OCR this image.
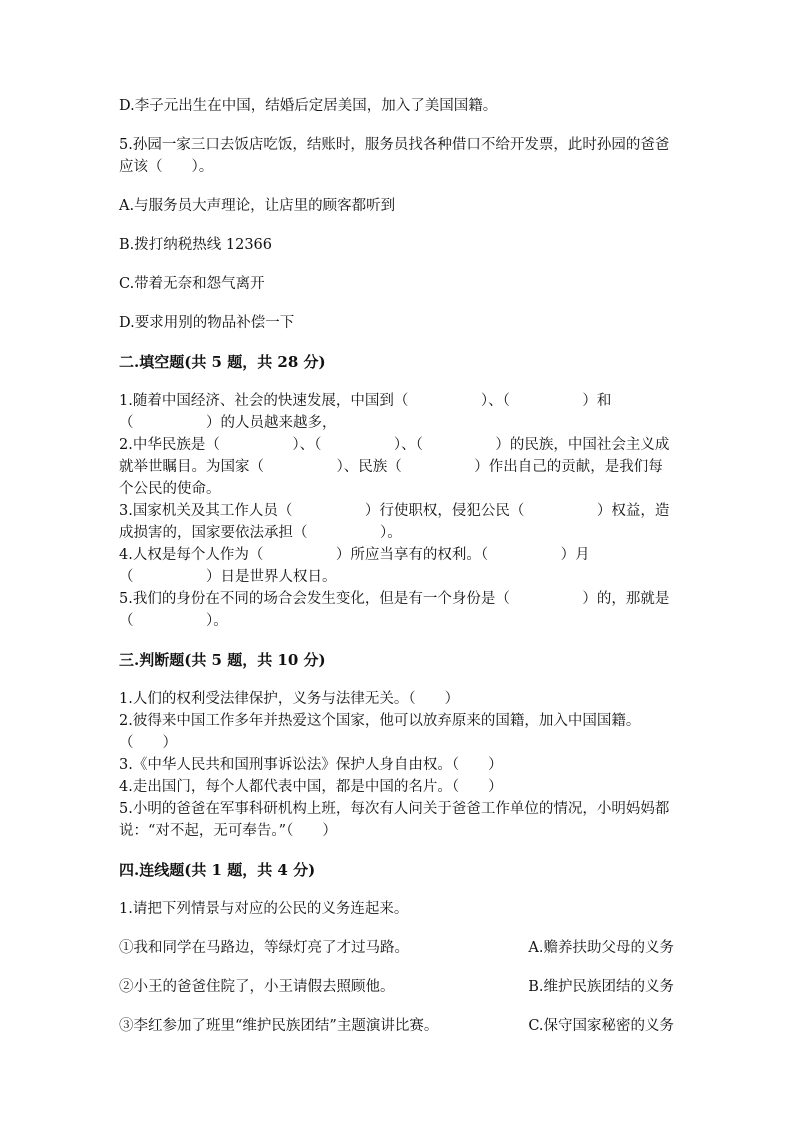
D.李子元出生在中国，结婚后定居美国，加入了美国国籍。

5.孙园一家三口去饭店吃饭，结账时，服务员找各种借口不给开发票，此时孙园的爸爸应该（　　）。

A.与服务员大声理论，让店里的顾客都听到

B.拨打纳税热线 12366

C.带着无奈和怨气离开

D.要求用别的物品补偿一下

二.填空题(共 5 题，共 28 分)

1.随着中国经济、社会的快速发展，中国到（　　　　　）、（　　　　　）和（　　　　　）的人员越来越多，

2.中华民族是（　　　　　）、（　　　　　）、（　　　　　）的民族，中国社会主义成就举世瞩目。为国家（　　　　　）、民族（　　　　　）作出自己的贡献，是我们每个公民的使命。

3.国家机关及其工作人员（　　　　　）行使职权，侵犯公民（　　　　　）权益，造成损害的，国家要依法承担（　　　　　）。

4.人权是每个人作为（　　　　　）所应当享有的权利。（　　　　　）月（　　　　　）日是世界人权日。

5.我们的身份在不同的场合会发生变化，但是有一个身份是（　　　　　）的，那就是（　　　　　）。

三.判断题(共 5 题，共 10 分)

1.人们的权利受法律保护，义务与法律无关。（　　）

2.彼得来中国工作多年并热爱这个国家，他可以放弃原来的国籍，加入中国国籍。（　　）

3.《中华人民共和国刑事诉讼法》保护人身自由权。（　　）

4.走出国门，每个人都代表中国，都是中国的名片。（　　）

5.小明的爸爸在军事科研机构上班，每次有人问关于爸爸工作单位的情况，小明妈妈都说：“对不起，无可奉告。”（　　）

四.连线题(共 1 题，共 4 分)

1.请把下列情景与对应的公民的义务连起来。

①我和同学在马路边，等绿灯亮了才过马路。	A.赡养扶助父母的义务
②小王的爸爸住院了，小王请假去照顾他。	B.维护民族团结的义务
③李红参加了班里“维护民族团结”主题演讲比赛。	C.保守国家秘密的义务
